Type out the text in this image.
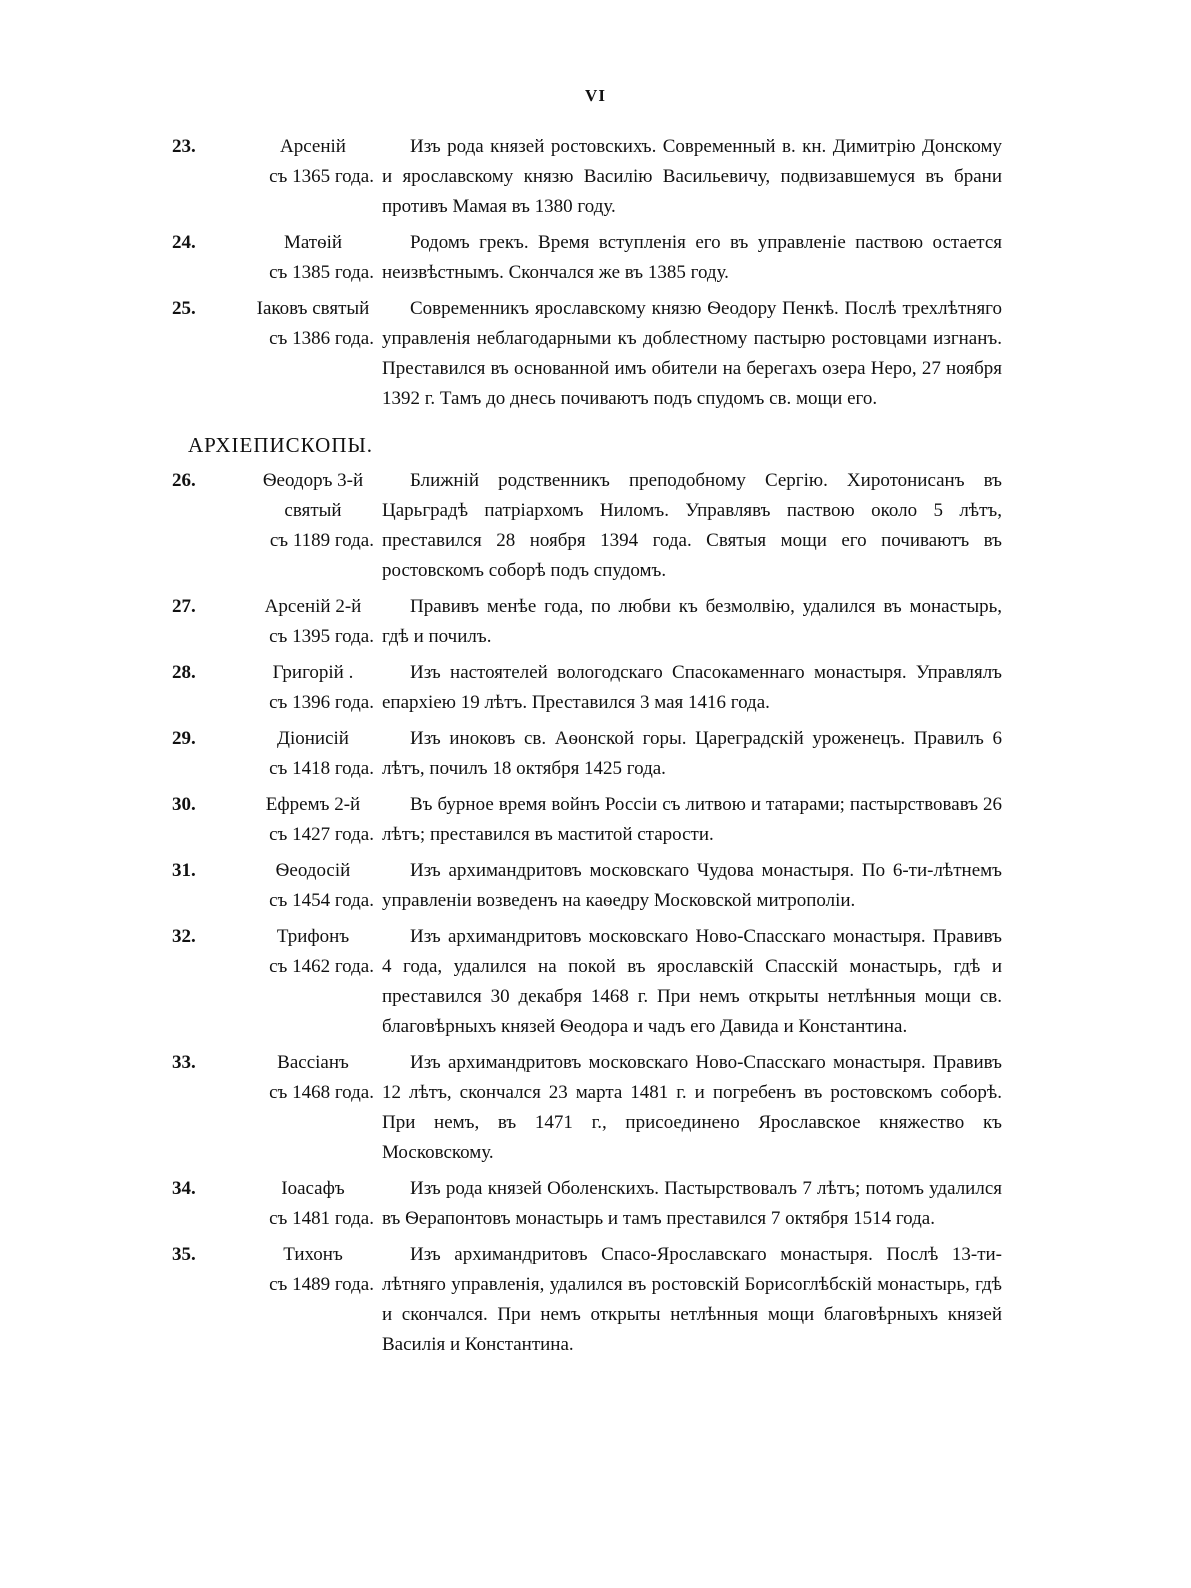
VI
23.	Арсеній
съ 1365 года.
Изъ рода князей ростовскихъ. Современный в. кн. Димитрію Донскому и ярославскому князю Василію Васильевичу, подвизавшемуся въ брани противъ Мамая въ 1380 году.
24.	Матѳій
съ 1385 года.
Родомъ грекъ. Время вступленія его въ управленіе паствою остается неизвѣстнымъ. Скончался же въ 1385 году.
25.	Іаковъ святый
съ 1386 года.
Современникъ ярославскому князю Ѳеодору Пенкѣ. Послѣ трехлѣтняго управленія неблагодарными къ доблестному пастырю ростовцами изгнанъ. Преставился въ основанной имъ обители на берегахъ озера Неро, 27 ноября 1392 г. Тамъ до днесь почиваютъ подъ спудомъ св. мощи его.
АРХІЕПИСКОПЫ.
26.	Ѳеодоръ 3-й
святый
съ 1189 года.
Ближній родственникъ преподобному Сергію. Хиротонисанъ въ Царьградѣ патріархомъ Ниломъ. Управлявъ паствою около 5 лѣтъ, преставился 28 ноября 1394 года. Святыя мощи его почиваютъ въ ростовскомъ соборѣ подъ спудомъ.
27.	Арсеній 2-й
съ 1395 года.
Правивъ менѣе года, по любви къ безмолвію, удалился въ монастырь, гдѣ и почилъ.
28.	Григорій .
съ 1396 года.
Изъ настоятелей вологодскаго Спасокаменнаго монастыря. Управлялъ епархіею 19 лѣтъ. Преставился 3 мая 1416 года.
29.	Діонисій
съ 1418 года.
Изъ иноковъ св. Аѳонской горы. Цареградскій уроженецъ. Правилъ 6 лѣтъ, почилъ 18 октября 1425 года.
30.	Ефремъ 2-й
съ 1427 года.
Въ бурное время войнъ Россіи съ литвою и татарами; пастырствовавъ 26 лѣтъ; преставился въ маститой старости.
31.	Ѳеодосій
съ 1454 года.
Изъ архимандритовъ московскаго Чудова монастыря. По 6-ти-лѣтнемъ управленіи возведенъ на каѳедру Московской митрополіи.
32.	Трифонъ
съ 1462 года.
Изъ архимандритовъ московскаго Ново-Спасскаго монастыря. Правивъ 4 года, удалился на покой въ ярославскій Спасскій монастырь, гдѣ и преставился 30 декабря 1468 г. При немъ открыты нетлѣнныя мощи св. благовѣрныхъ князей Ѳеодора и чадъ его Давида и Константина.
33.	Вассіанъ
съ 1468 года.
Изъ архимандритовъ московскаго Ново-Спасскаго монастыря. Правивъ 12 лѣтъ, скончался 23 марта 1481 г. и погребенъ въ ростовскомъ соборѣ. При немъ, въ 1471 г., присоединено Ярославское княжество къ Московскому.
34.	Іоасафъ
съ 1481 года.
Изъ рода князей Оболенскихъ. Пастырствовалъ 7 лѣтъ; потомъ удалился въ Ѳерапонтовъ монастырь и тамъ преставился 7 октября 1514 года.
35.	Тихонъ
съ 1489 года.
Изъ архимандритовъ Спасо-Ярославскаго монастыря. Послѣ 13-ти-лѣтняго управленія, удалился въ ростовскій Борисоглѣбскій монастырь, гдѣ и скончался. При немъ открыты нетлѣнныя мощи благовѣрныхъ князей Василія и Константина.
